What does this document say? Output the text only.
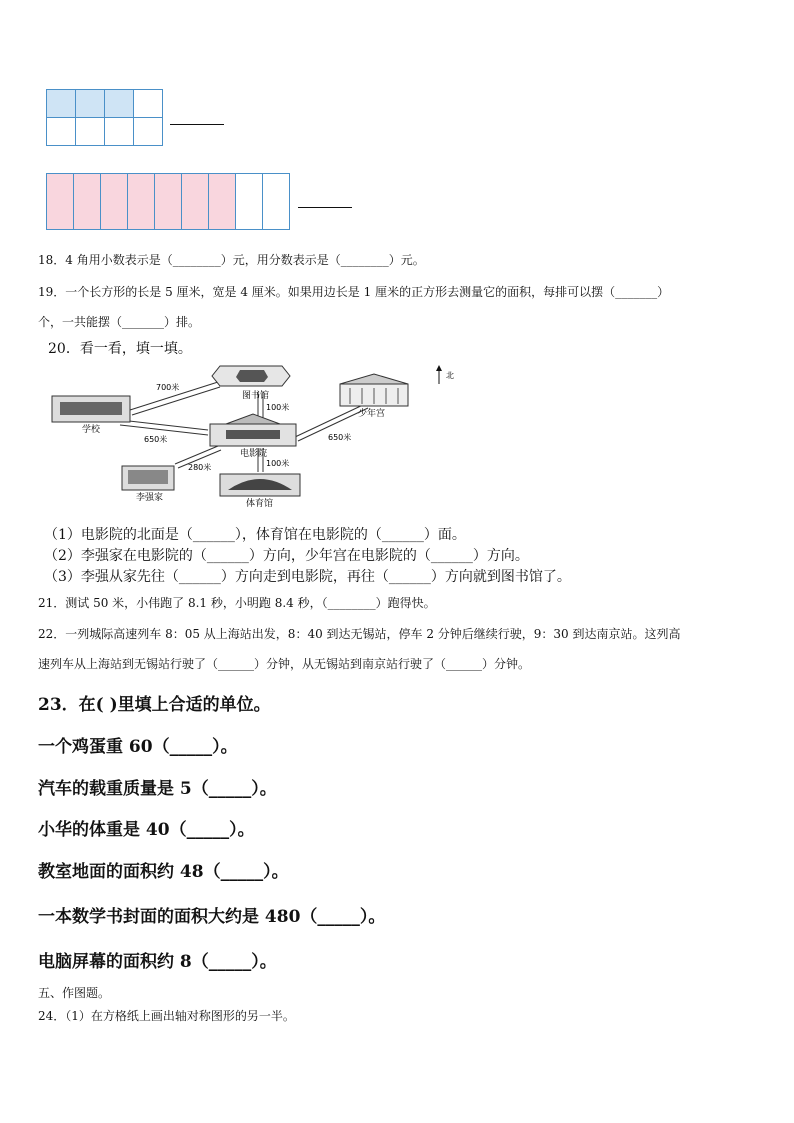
18．4 角用小数表示是（________）元，用分数表示是（________）元。
19．一个长方形的长是 5 厘米，宽是 4 厘米。如果用边长是 1 厘米的正方形去测量它的面积，每排可以摆（_______）
个，一共能摆（_______）排。
20．看一看，填一填。
图书馆
学校
电影院
少年宫
北
李强家
体育馆
700米
100米
650米	650米
280米	100米
（1）电影院的北面是（______），体育馆在电影院的（______）面。
（2）李强家在电影院的（______）方向，少年宫在电影院的（______）方向。
（3）李强从家先往（______）方向走到电影院，再往（______）方向就到图书馆了。
21．测试 50 米，小伟跑了 8.1 秒，小明跑 8.4 秒，（________）跑得快。
22．一列城际高速列车 8：05 从上海站出发，8：40 到达无锡站，停车 2 分钟后继续行驶，9：30 到达南京站。这列高
速列车从上海站到无锡站行驶了（______）分钟，从无锡站到南京站行驶了（______）分钟。
23．在( )里填上合适的单位。
一个鸡蛋重 60（_____）。
汽车的载重质量是 5（_____）。
小华的体重是 40（_____）。
教室地面的面积约 48（_____）。
一本数学书封面的面积大约是 480（_____）。
电脑屏幕的面积约 8（_____）。
五、作图题。
24．（1）在方格纸上画出轴对称图形的另一半。
